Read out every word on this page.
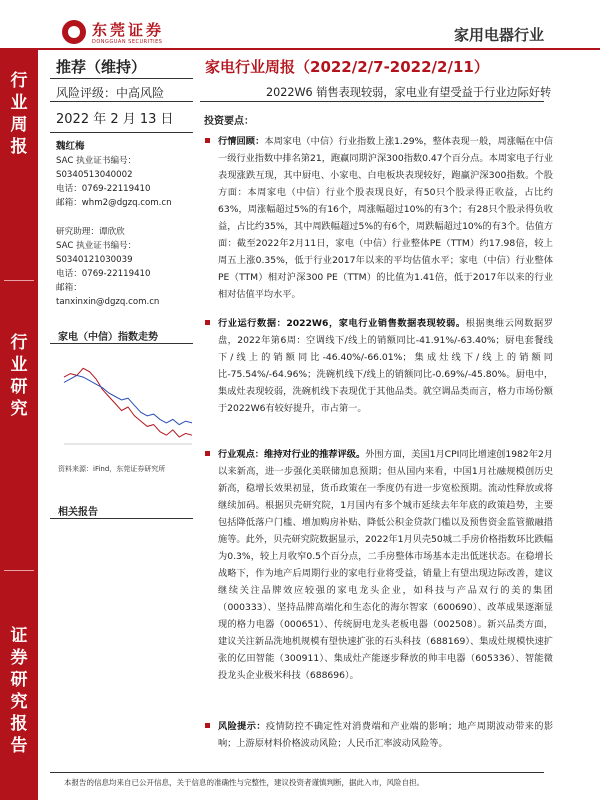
东莞证券
DONGGUAN SECURITIES	家用电器行业
行
业
周
报
行
业
研
究
证
券
研
究
报
告
推荐（维持）
风险评级：中高风险
2022 年 2 月 13 日
魏红梅
SAC 执业证书编号：
S0340513040002
电话：0769-22119410
邮箱：whm2@dgzq.com.cn
研究助理：谭欣欣
SAC 执业证书编号：
S0340121030039
电话：0769-22119410
邮箱：
tanxinxin@dgzq.com.cn
家电（中信）指数走势
资料来源：iFind，东莞证券研究所
相关报告
家电行业周报（2022/2/7-2022/2/11）
2022W6 销售表现较弱，家电业有望受益于行业边际好转
投资要点：
行情回顾：本周家电（中信）行业指数上涨1.29%，整体表现一般，周涨幅在中信一级行业指数中排名第21，跑赢同期沪深300指数0.47个百分点。本周家电子行业表现涨跌互现，其中厨电、小家电、白电板块表现较好，跑赢沪深300指数。个股方面：本周家电（中信）行业个股表现良好，有50只个股录得正收益，占比约63%，周涨幅超过5%的有16个，周涨幅超过10%的有3个；有28只个股录得负收益，占比约35%，其中周跌幅超过5%的有6个，周跌幅超过10%的有3个。估值方面：截至2022年2月11日，家电（中信）行业整体PE（TTM）约17.98倍，较上周五上涨0.35%，低于行业2017年以来的平均估值水平；家电（中信）行业整体PE（TTM）相对沪深300 PE（TTM）的比值为1.41倍，低于2017年以来的行业相对估值平均水平。
行业运行数据：2022W6，家电行业销售数据表现较弱。根据奥维云网数据罗盘，2022年第6周：空调线下/线上的销额同比-41.91%/-63.40%；厨电套餐线下/线上的销额同比-46.40%/-66.01%；集成灶线下/线上的销额同比-75.54%/-64.96%；洗碗机线下/线上的销额同比-0.69%/-45.80%。厨电中，集成灶表现较弱，洗碗机线下表现优于其他品类。就空调品类而言，格力市场份额于2022W6有较好提升，市占第一。
行业观点：维持对行业的推荐评级。外围方面，美国1月CPI同比增速创1982年2月以来新高，进一步强化美联储加息预期；但从国内来看，中国1月社融规模创历史新高，稳增长效果初显，货币政策在一季度仍有进一步宽松预期。流动性释放或将继续加码。根据贝壳研究院，1月国内有多个城市延续去年年底的政策趋势，主要包括降低落户门槛、增加购房补贴、降低公积金贷款门槛以及预售资金监管撤融措施等。此外，贝壳研究院数据显示，2022年1月贝壳50城二手房价格指数环比跌幅为0.3%，较上月收窄0.5个百分点，二手房整体市场基本走出低迷状态。在稳增长战略下，作为地产后周期行业的家电行业将受益，销量上有望出现边际改善，建议继续关注品牌效应较强的家电龙头企业，如科技与产品双行的美的集团（000333）、坚持品牌高端化和生态化的海尔智家（600690）、改革成果逐渐显现的格力电器（000651）、传统厨电龙头老板电器（002508）。新兴品类方面，建议关注新品洗地机规模有望快速扩张的石头科技（688169）、集成灶规模快速扩张的亿田智能（300911）、集成灶产能逐步释放的帅丰电器（605336）、智能微投龙头企业极米科技（688696）。
风险提示：疫情防控不确定性对消费端和产业端的影响；地产周期波动带来的影响；上游原材料价格波动风险；人民币汇率波动风险等。
本报告的信息均来自已公开信息，关于信息的准确性与完整性，建议投资者谨慎判断，据此入市，风险自担。
